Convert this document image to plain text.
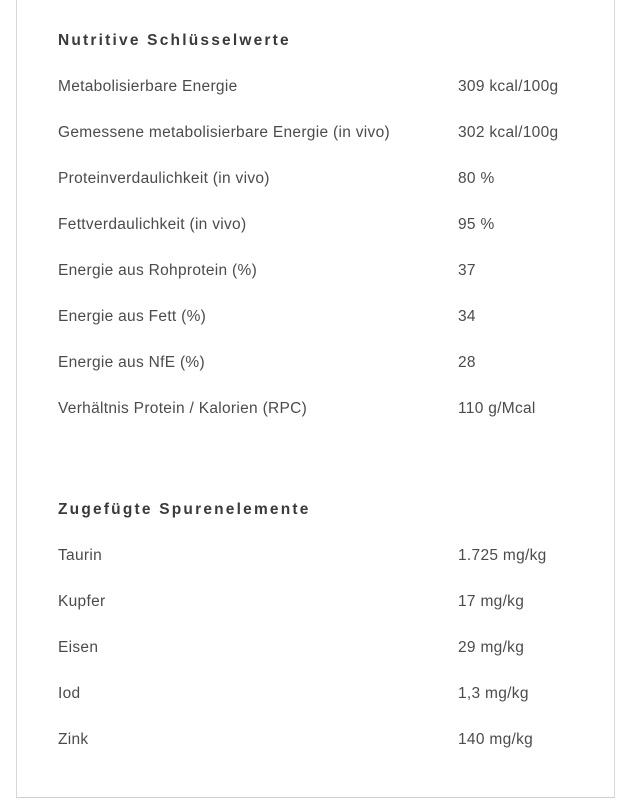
Nutritive Schlüsselwerte
Metabolisierbare Energie	309 kcal/100g
Gemessene metabolisierbare Energie (in vivo)	302 kcal/100g
Proteinverdaulichkeit (in vivo)	80 %
Fettverdaulichkeit (in vivo)	95 %
Energie aus Rohprotein (%)	37
Energie aus Fett (%)	34
Energie aus NfE (%)	28
Verhältnis Protein / Kalorien (RPC)	110 g/Mcal
Zugefügte Spurenelemente
Taurin	1.725 mg/kg
Kupfer	17 mg/kg
Eisen	29 mg/kg
Iod	1,3 mg/kg
Zink	140 mg/kg
